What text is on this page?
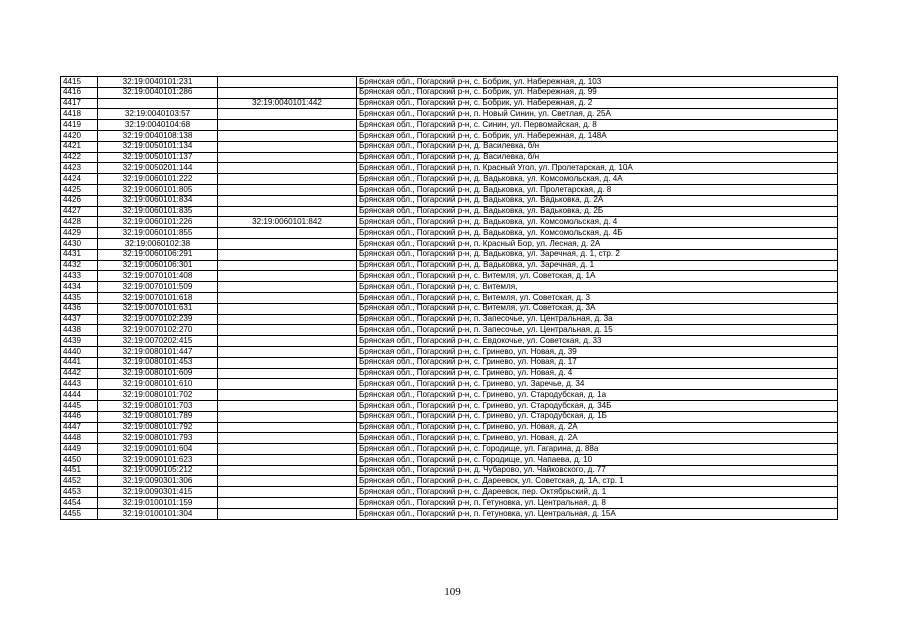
4415	32:19:0040101:231		Брянская обл., Погарский р-н, с. Бобрик, ул. Набережная, д. 103
4416	32:19:0040101:286		Брянская обл., Погарский р-н, с. Бобрик, ул. Набережная, д. 99
4417		32:19:0040101:442	Брянская обл., Погарский р-н, с. Бобрик, ул. Набережная, д. 2
4418	32:19:0040103:57		Брянская обл., Погарский р-н, п. Новый Синин, ул. Светлая, д. 25А
4419	32:19:0040104:68		Брянская обл., Погарский р-н, с. Синин, ул. Первомайская, д. 8
4420	32:19:0040108:138		Брянская обл., Погарский р-н, с. Бобрик, ул. Набережная, д. 148А
4421	32:19:0050101:134		Брянская обл., Погарский р-н, д. Василевка, б/н
4422	32:19:0050101:137		Брянская обл., Погарский р-н, д. Василевка, б/н
4423	32:19:0050201:144		Брянская обл., Погарский р-н, п. Красный Угол, ул. Пролетарская, д. 10А
4424	32:19:0060101:222		Брянская обл., Погарский р-н, д. Вадьковка, ул. Комсомольская, д. 4А
4425	32:19:0060101:805		Брянская обл., Погарский р-н, д. Вадьковка, ул. Пролетарская, д. 8
4426	32:19:0060101:834		Брянская обл., Погарский р-н, д. Вадьковка, ул. Вадьковка, д. 2А
4427	32:19:0060101:835		Брянская обл., Погарский р-н, д. Вадьковка, ул. Вадьковка, д. 2Б
4428	32:19:0060101:226	32:19:0060101:842	Брянская обл., Погарский р-н, д. Вадьковка, ул. Комсомольская, д. 4
4429	32:19:0060101:855		Брянская обл., Погарский р-н, д. Вадьковка, ул. Комсомольская, д. 4Б
4430	32:19:0060102:38		Брянская обл., Погарский р-н, п. Красный Бор, ул. Лесная, д. 2А
4431	32:19:0060106:291		Брянская обл., Погарский р-н, д. Вадьковка, ул. Заречная, д. 1, стр. 2
4432	32:19:0060106:301		Брянская обл., Погарский р-н, д. Вадьковка, ул. Заречная, д. 1
4433	32:19:0070101:408		Брянская обл., Погарский р-н, с. Витемля, ул. Советская, д. 1А
4434	32:19:0070101:509		Брянская обл., Погарский р-н, с. Витемля,
4435	32:19:0070101:618		Брянская обл., Погарский р-н, с. Витемля, ул. Советская, д. 3
4436	32:19:0070101:631		Брянская обл., Погарский р-н, с. Витемля, ул. Советская, д. 3А
4437	32:19:0070102:239		Брянская обл., Погарский р-н, п. Запесочье, ул. Центральная, д. 3а
4438	32:19:0070102:270		Брянская обл., Погарский р-н, п. Запесочье, ул. Центральная, д. 15
4439	32:19:0070202:415		Брянская обл., Погарский р-н, с. Евдокочье, ул. Советская, д. 33
4440	32:19:0080101:447		Брянская обл., Погарский р-н, с. Гринево, ул. Новая, д. 39
4441	32:19:0080101:453		Брянская обл., Погарский р-н, с. Гринево, ул. Новая, д. 17
4442	32:19:0080101:609		Брянская обл., Погарский р-н, с. Гринево, ул. Новая, д. 4
4443	32:19:0080101:610		Брянская обл., Погарский р-н, с. Гринево, ул. Заречье, д. 34
4444	32:19:0080101:702		Брянская обл., Погарский р-н, с. Гринево, ул. Стародубская, д. 1а
4445	32:19:0080101:703		Брянская обл., Погарский р-н, с. Гринево, ул. Стародубская, д. 34Б
4446	32:19:0080101:789		Брянская обл., Погарский р-н, с. Гринево, ул. Стародубская, д. 1Б
4447	32:19:0080101:792		Брянская обл., Погарский р-н, с. Гринево, ул. Новая, д. 2А
4448	32:19:0080101:793		Брянская обл., Погарский р-н, с. Гринево, ул. Новая, д. 2А
4449	32:19:0090101:604		Брянская обл., Погарский р-н, с. Городище, ул. Гагарина, д. 88а
4450	32:19:0090101:623		Брянская обл., Погарский р-н, с. Городище, ул. Чапаева, д. 10
4451	32:19:0090105:212		Брянская обл., Погарский р-н, д. Чубарово, ул. Чайковского, д. 77
4452	32:19:0090301:306		Брянская обл., Погарский р-н, с. Дареевск, ул. Советская, д. 1А, стр. 1
4453	32:19:0090301:415		Брянская обл., Погарский р-н, с. Дареевск, пер. Октябрьский, д. 1
4454	32:19:0100101:159		Брянская обл., Погарский р-н, п. Гетуновка, ул. Центральная, д. 8
4455	32:19:0100101:304		Брянская обл., Погарский р-н, п. Гетуновка, ул. Центральная, д. 15А
109
